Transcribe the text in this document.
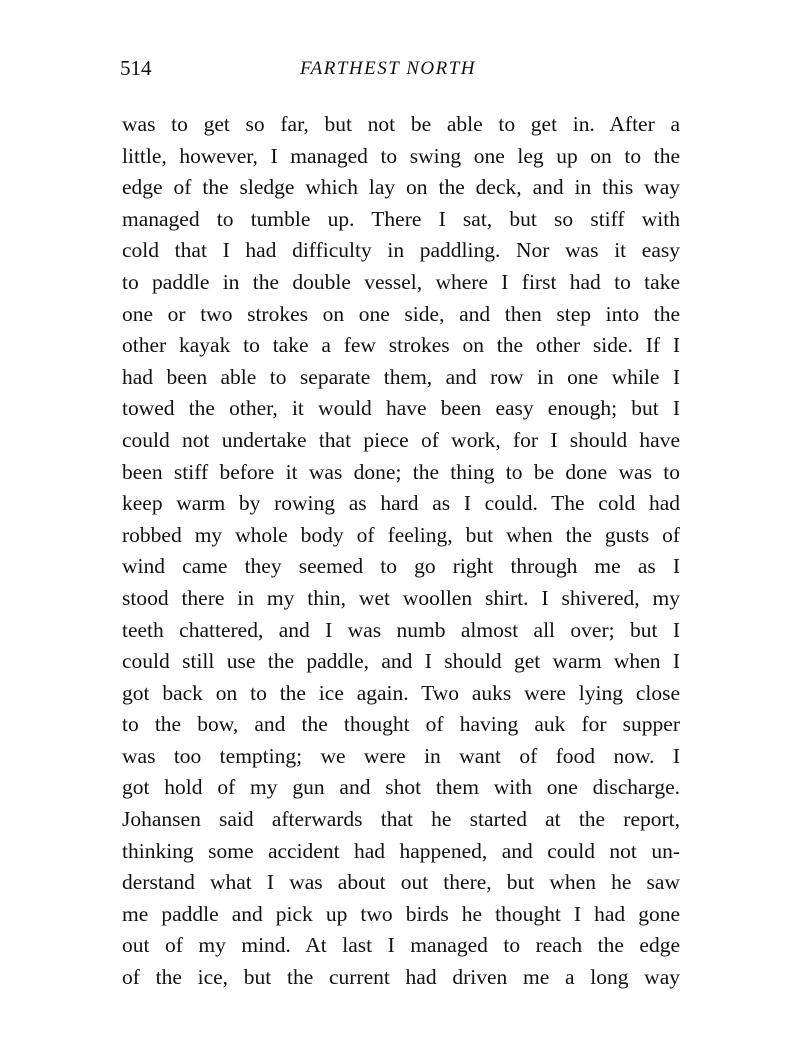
514	FARTHEST NORTH
was to get so far, but not be able to get in. After a
little, however, I managed to swing one leg up on to the
edge of the sledge which lay on the deck, and in this way
managed to tumble up. There I sat, but so stiff with
cold that I had difficulty in paddling. Nor was it easy
to paddle in the double vessel, where I first had to take
one or two strokes on one side, and then step into the
other kayak to take a few strokes on the other side. If I
had been able to separate them, and row in one while I
towed the other, it would have been easy enough; but I
could not undertake that piece of work, for I should have
been stiff before it was done; the thing to be done was to
keep warm by rowing as hard as I could. The cold had
robbed my whole body of feeling, but when the gusts of
wind came they seemed to go right through me as I
stood there in my thin, wet woollen shirt. I shivered, my
teeth chattered, and I was numb almost all over; but I
could still use the paddle, and I should get warm when I
got back on to the ice again. Two auks were lying close
to the bow, and the thought of having auk for supper
was too tempting; we were in want of food now. I
got hold of my gun and shot them with one discharge.
Johansen said afterwards that he started at the report,
thinking some accident had happened, and could not un-
derstand what I was about out there, but when he saw
me paddle and pick up two birds he thought I had gone
out of my mind. At last I managed to reach the edge
of the ice, but the current had driven me a long way
